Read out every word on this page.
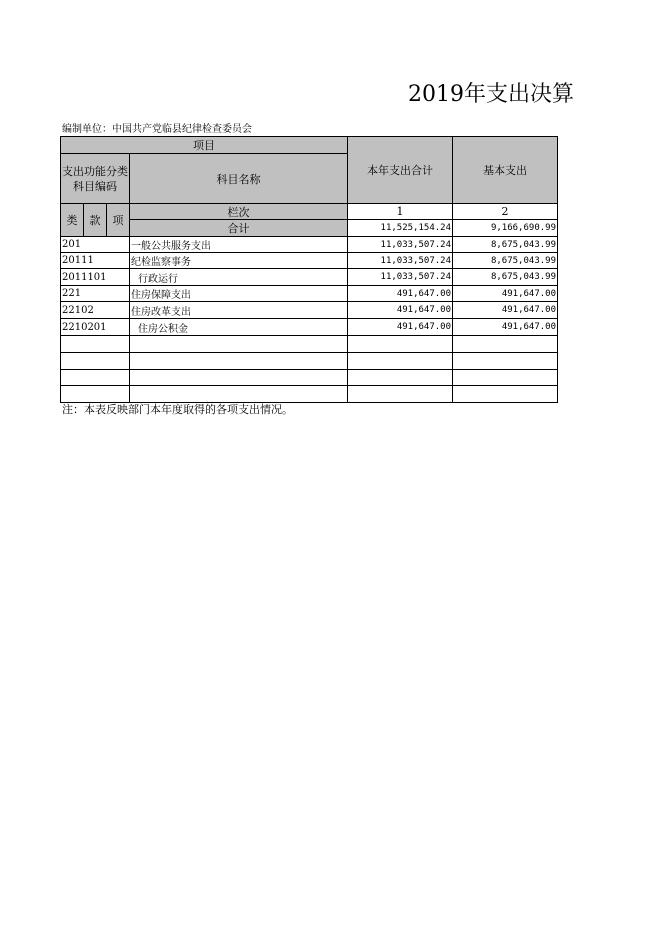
2019年支出决算
编制单位：中国共产党临县纪律检查委员会
项目
支出功能分类科目编码
科目名称
本年支出合计	基本支出
类	款	项
栏次	1	2
合计	11,525,154.24	9,166,690.99
201	一般公共服务支出	11,033,507.24	8,675,043.99
20111	纪检监察事务	11,033,507.24	8,675,043.99
2011101	行政运行	11,033,507.24	8,675,043.99
221	住房保障支出	491,647.00	491,647.00
22102	住房改革支出	491,647.00	491,647.00
2210201	住房公积金	491,647.00	491,647.00
注：本表反映部门本年度取得的各项支出情况。
